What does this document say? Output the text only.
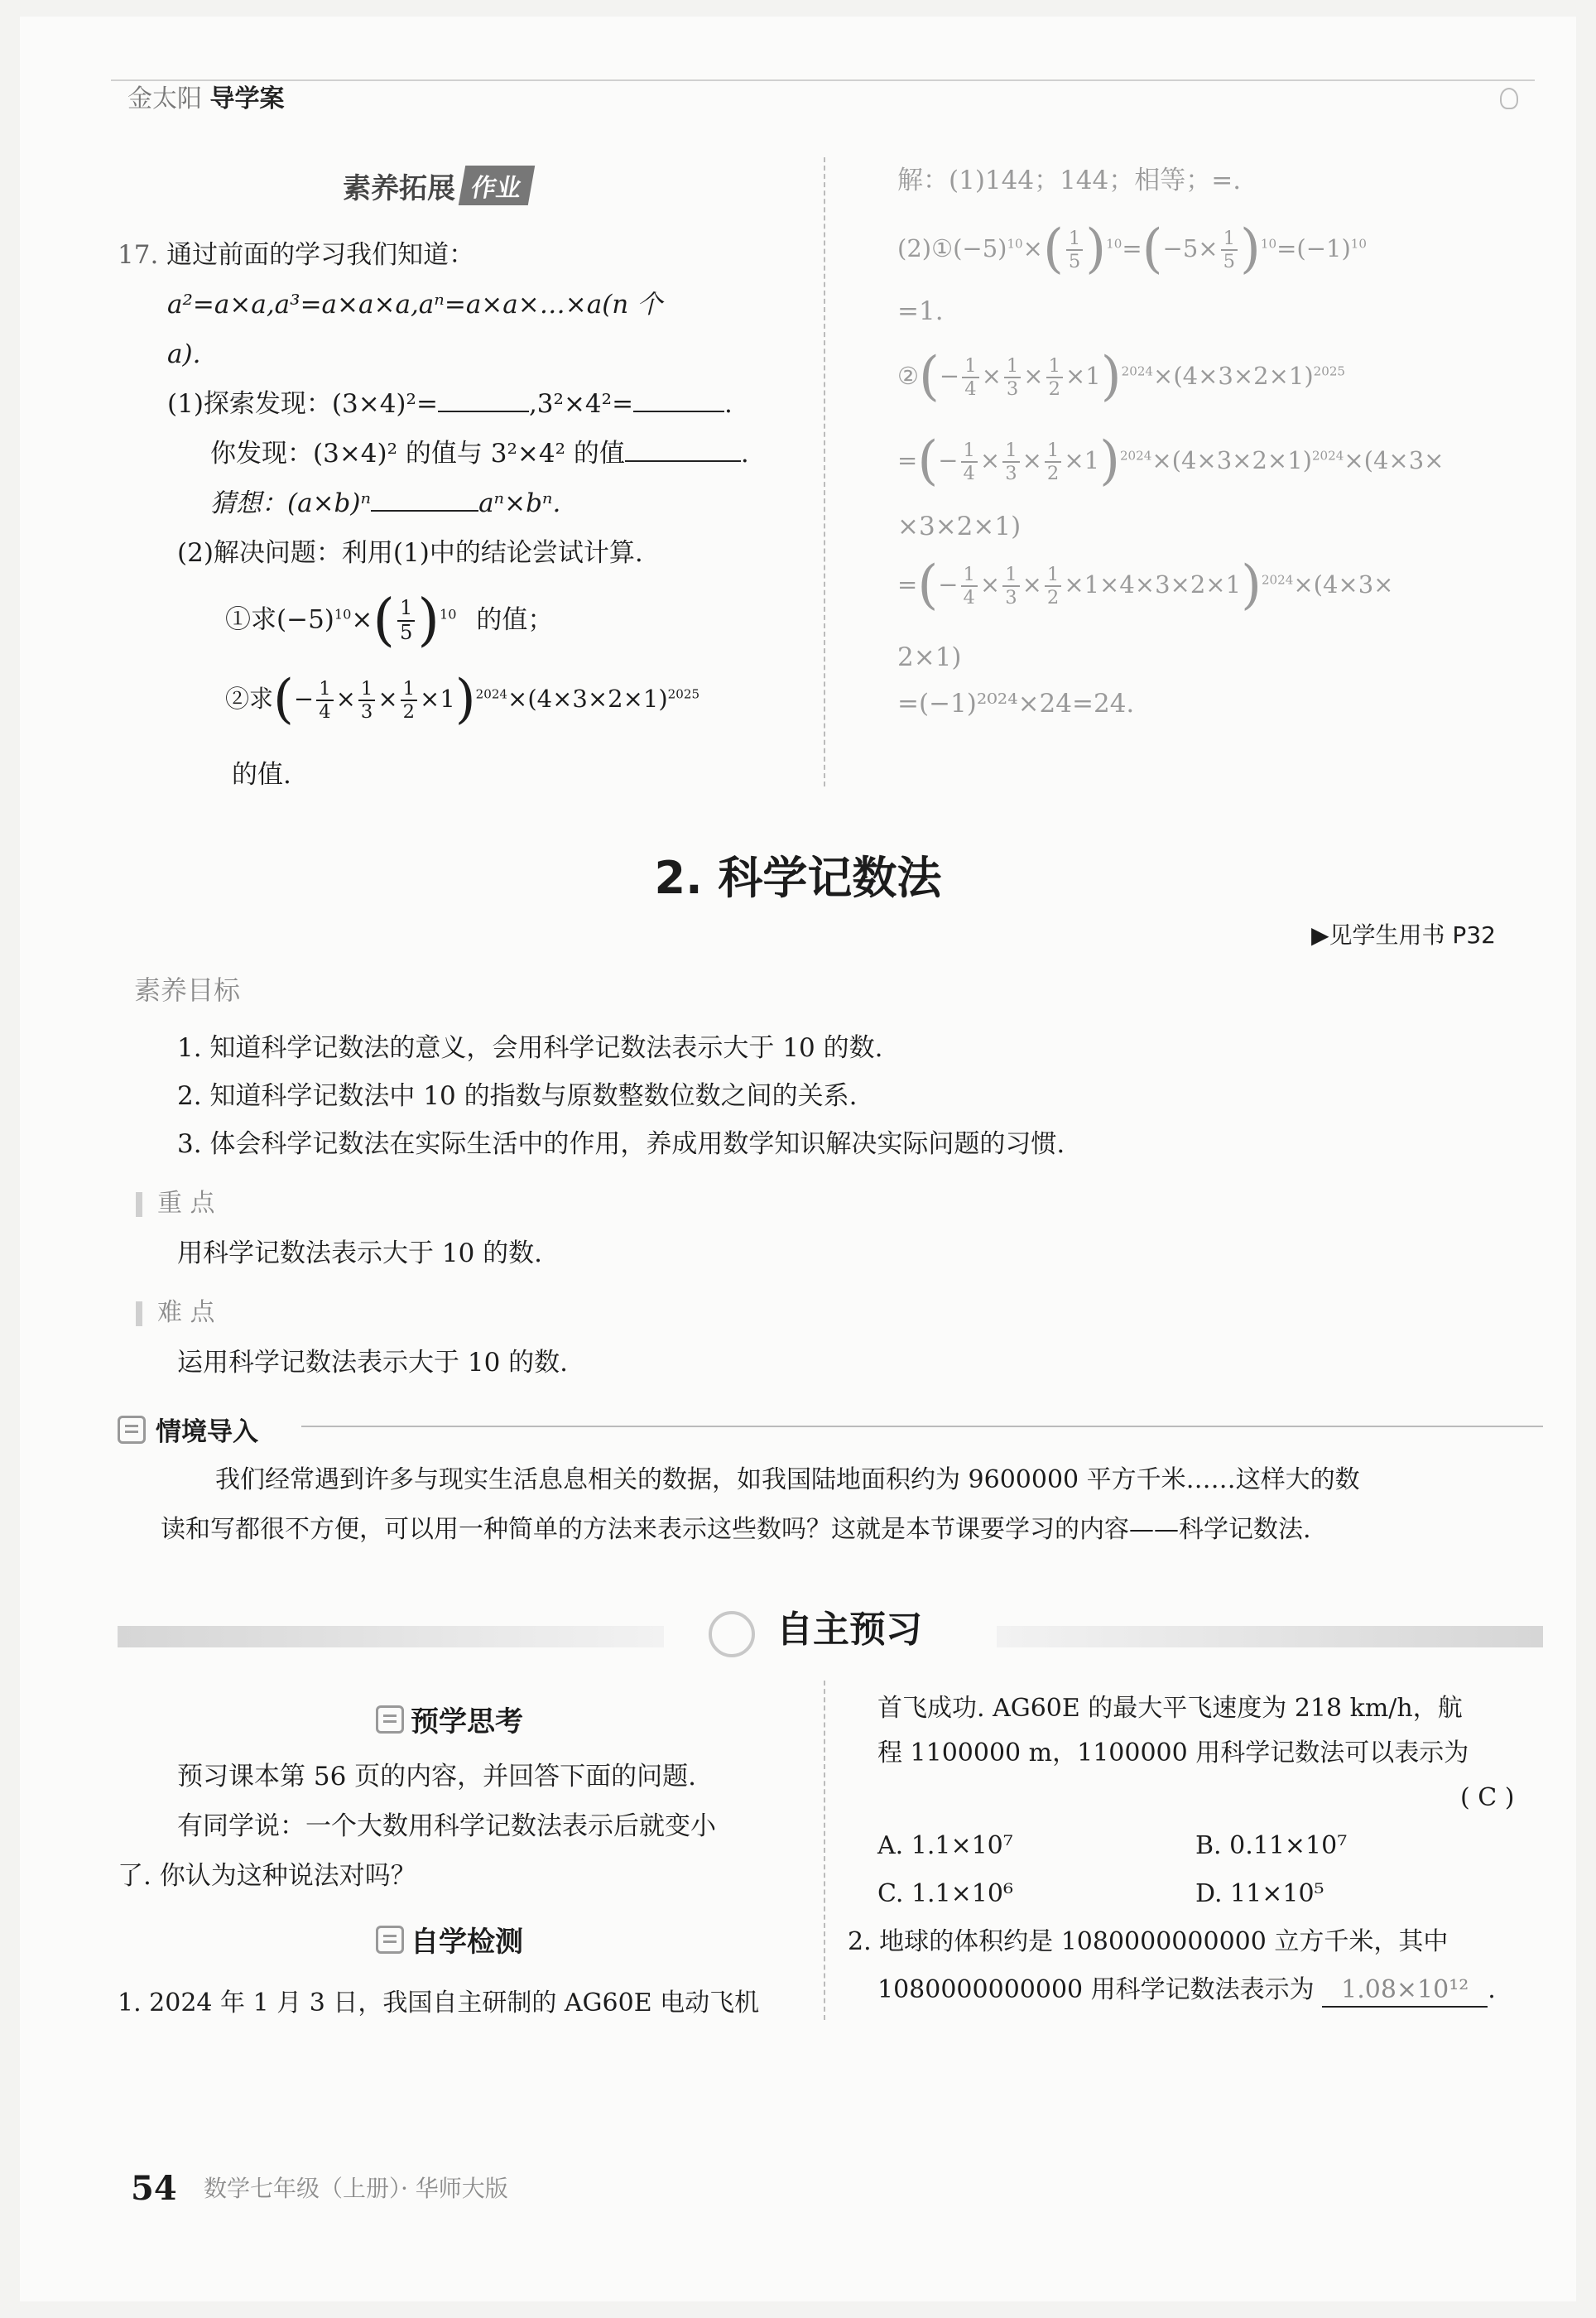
金太阳 导学案
素养拓展 作业
17. 通过前面的学习我们知道：
a²=a×a,a³=a×a×a,aⁿ=a×a×…×a(n 个
a).
(1)探索发现：(3×4)²=	,3²×4²=	.
你发现：(3×4)² 的值与 3²×4² 的值	.
猜想：(a×b)ⁿ	aⁿ×bⁿ.
(2)解决问题：利用(1)中的结论尝试计算.
①求$(-5)^{10}\times( \frac{1}{5} )^{10}$ 的值；
②求(− $\frac{1}{4} \times \frac{1}{3} \times \frac{1}{2} \times 1)^{2024}\times(4\times 3\times 2\times 1)^{2025}$
的值.
解：(1)144；144；相等；=.
$(2)①(-5)^{10}\times( \frac{1}{5} )^{10}=(-5\times \frac{1}{5} )^{10}=(-1)^{10}$
=1.
②(− $\frac{1}{4} \times \frac{1}{3} \times \frac{1}{2} \times 1)^{2024}\times(4\times 3\times 2\times 1)^{2025}$
=(− $\frac{1}{4} \times \frac{1}{3} \times \frac{1}{2} \times 1)^{2024}\times(4\times 3\times 2\times 1)^{2024}\times(4\times 3\times$
×3×2×1)
=(− $\frac{1}{4} \times \frac{1}{3} \times \frac{1}{2} \times 1\times 4\times 3\times 2\times 1)^{2024}\times(4\times 3\times$
2×1)
=(−1)²⁰²⁴×24=24.
2. 科学记数法
▶见学生用书 P32
素养目标
1. 知道科学记数法的意义，会用科学记数法表示大于 10 的数.
2. 知道科学记数法中 10 的指数与原数整数位数之间的关系.
3. 体会科学记数法在实际生活中的作用，养成用数学知识解决实际问题的习惯.
重 点
用科学记数法表示大于 10 的数.
难 点
运用科学记数法表示大于 10 的数.
情境导入
我们经常遇到许多与现实生活息息相关的数据，如我国陆地面积约为 9600000 平方千米……这样大的数
读和写都很不方便，可以用一种简单的方法来表示这些数吗？这就是本节课要学习的内容——科学记数法.
自主预习
预学思考
预习课本第 56 页的内容，并回答下面的问题.
有同学说：一个大数用科学记数法表示后就变小
了. 你认为这种说法对吗？
自学检测
1. 2024 年 1 月 3 日，我国自主研制的 AG60E 电动飞机
首飞成功. AG60E 的最大平飞速度为 218 km/h，航
程 1100000 m，1100000 用科学记数法可以表示为
( C )
A. 1.1×10⁷	B. 0.11×10⁷
C. 1.1×10⁶	D. 11×10⁵
2. 地球的体积约是 1080000000000 立方千米，其中
1080000000000 用科学记数法表示为 1.08×10¹² .
54 数学七年级（上册）· 华师大版
